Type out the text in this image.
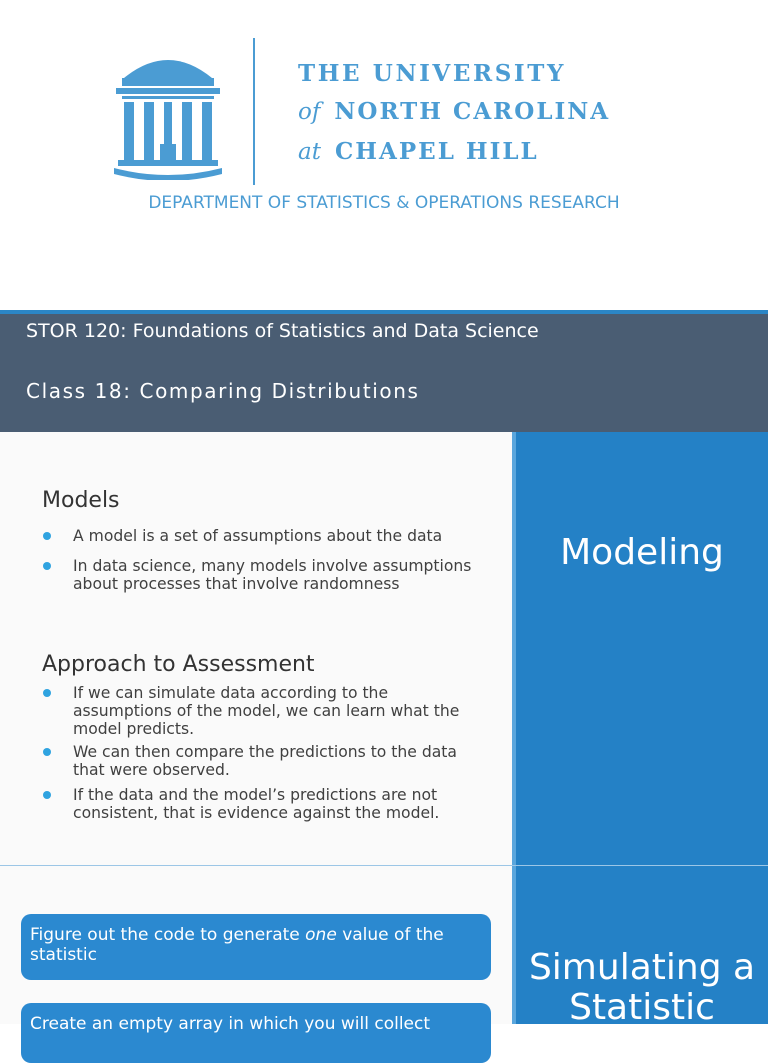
THE UNIVERSITY
of NORTH CAROLINA
at CHAPEL HILL
DEPARTMENT OF STATISTICS & OPERATIONS RESEARCH
STOR 120: Foundations of Statistics and Data Science
Class 18: Comparing Distributions
Models
A model is a set of assumptions about the data
In data science, many models involve assumptions about processes that involve randomness
Approach to Assessment
If we can simulate data according to the assumptions of the model, we can learn what the model predicts.
We can then compare the predictions to the data that were observed.
If the data and the model’s predictions are not consistent, that is evidence against the model.
Modeling
Figure out the code to generate one value of the statistic
Create an empty array in which you will collect
Simulating a Statistic
